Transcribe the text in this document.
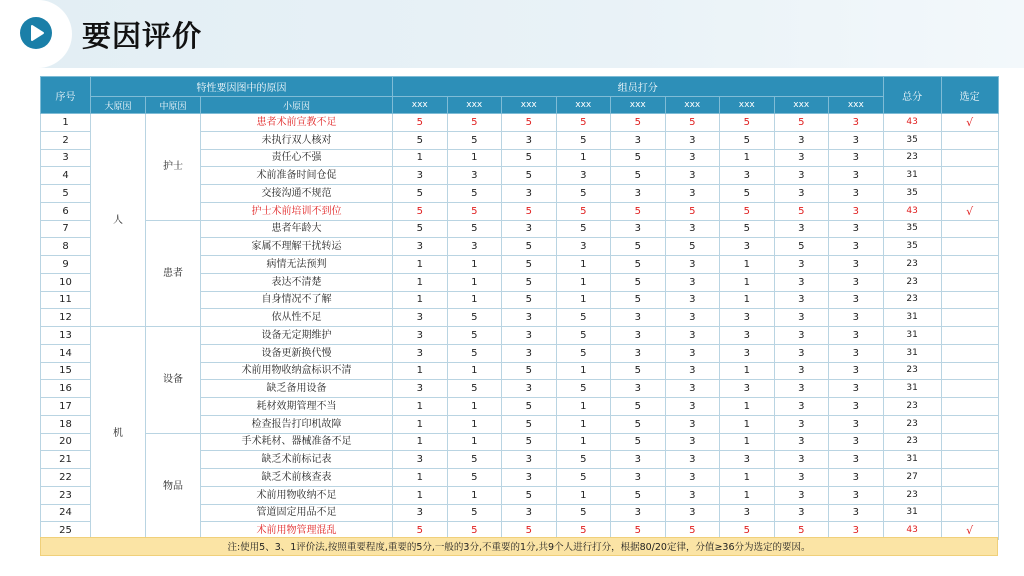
要因评价
序号	特性要因图中的原因			组员打分									总分	选定
	大原因	中原因	小原因	xxx	xxx	xxx	xxx	xxx	xxx	xxx	xxx	xxx		
1	人	护士	患者术前宣教不足	5	5	5	5	5	5	5	5	3	43	√
2			未执行双人核对	5	5	3	5	3	3	5	3	3	35	
3			责任心不强	1	1	5	1	5	3	1	3	3	23	
4			术前准备时间仓促	3	3	5	3	5	3	3	3	3	31	
5			交接沟通不规范	5	5	3	5	3	3	5	3	3	35	
6			护士术前培训不到位	5	5	5	5	5	5	5	5	3	43	√
7		患者	患者年龄大	5	5	3	5	3	3	5	3	3	35	
8			家属不理解干扰转运	3	3	5	3	5	5	3	5	3	35	
9			病情无法预判	1	1	5	1	5	3	1	3	3	23	
10			表达不清楚	1	1	5	1	5	3	1	3	3	23	
11			自身情况不了解	1	1	5	1	5	3	1	3	3	23	
12			依从性不足	3	5	3	5	3	3	3	3	3	31	
13	机	设备	设备无定期维护	3	5	3	5	3	3	3	3	3	31	
14			设备更新换代慢	3	5	3	5	3	3	3	3	3	31	
15			术前用物收纳盒标识不清	1	1	5	1	5	3	1	3	3	23	
16			缺乏备用设备	3	5	3	5	3	3	3	3	3	31	
17			耗材效期管理不当	1	1	5	1	5	3	1	3	3	23	
18			检查报告打印机故障	1	1	5	1	5	3	1	3	3	23	
20		物品	手术耗材、器械准备不足	1	1	5	1	5	3	1	3	3	23	
21			缺乏术前标记表	3	5	3	5	3	3	3	3	3	31	
22			缺乏术前核查表	1	5	3	5	3	3	1	3	3	27	
23			术前用物收纳不足	1	1	5	1	5	3	1	3	3	23	
24			管道固定用品不足	3	5	3	5	3	3	3	3	3	31	
25			术前用物管理混乱	5	5	5	5	5	5	5	5	3	43	√
注:使用5、3、1评价法,按照重要程度,重要的5分,一般的3分,不重要的1分,共9个人进行打分，根据80/20定律，分值≥36分为选定的要因。
